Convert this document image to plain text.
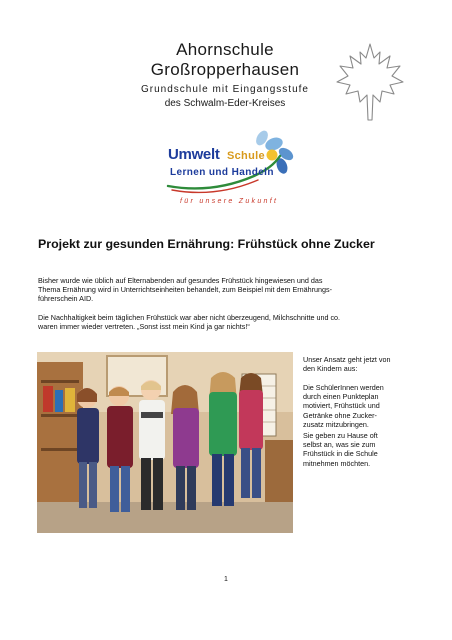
Ahornschule
Großropperhausen
Grundschule mit Eingangsstufe
des Schwalm-Eder-Kreises
Umwelt Schule
Lernen und Handeln
für unsere Zukunft
Projekt zur gesunden Ernährung: Frühstück ohne Zucker
Bisher wurde wie üblich auf Elternabenden auf gesundes Frühstück hingewiesen und das
Thema Ernährung wird in Unterrichtseinheiten behandelt, zum Beispiel mit dem Ernährungs-
führerschein AID.
Die Nachhaltigkeit beim täglichen Frühstück war aber nicht überzeugend, Milchschnitte und co.
waren immer wieder vertreten. „Sonst isst mein Kind ja gar nichts!“
Unser Ansatz geht jetzt von
den Kindern aus:
Die SchülerInnen werden
durch einen Punkteplan
motiviert, Frühstück und
Getränke ohne Zucker-
zusatz mitzubringen.
Sie geben zu Hause oft
selbst an, was sie zum
Frühstück in die Schule
mitnehmen möchten.
1
